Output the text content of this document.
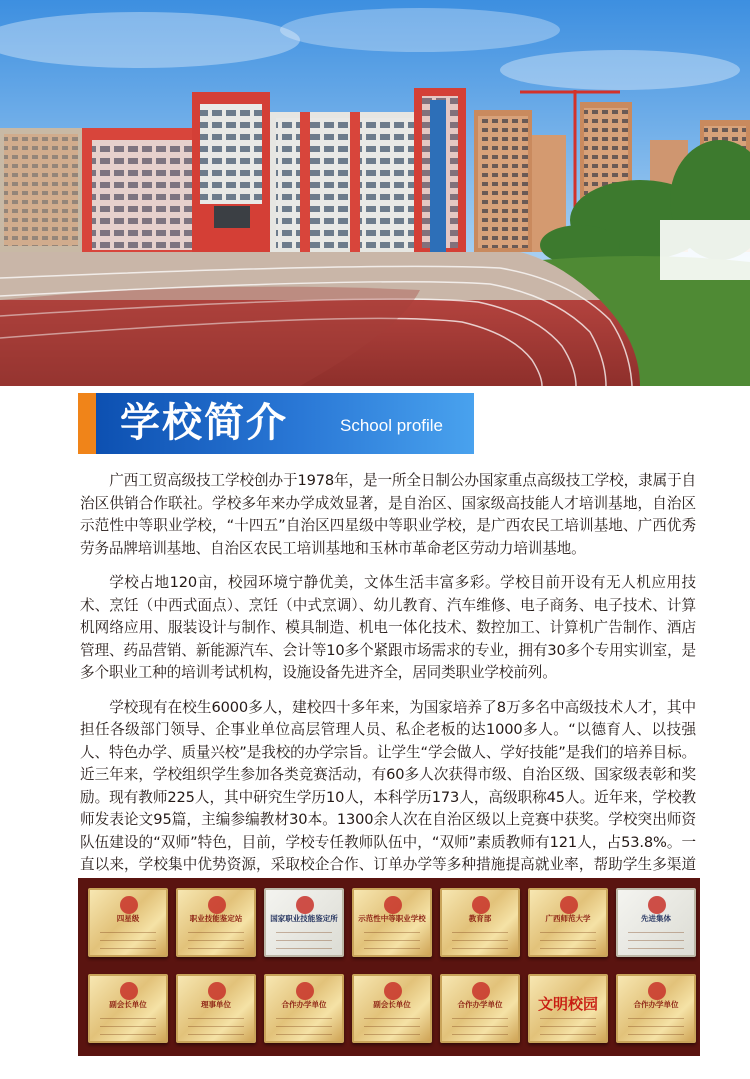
学校简介	School profile

广西工贸高级技工学校创办于1978年，是一所全日制公办国家重点高级技工学校，隶属于自治区供销合作联社。学校多年来办学成效显著，是自治区、国家级高技能人才培训基地，自治区示范性中等职业学校，“十四五”自治区四星级中等职业学校，是广西农民工培训基地、广西优秀劳务品牌培训基地、自治区农民工培训基地和玉林市革命老区劳动力培训基地。

学校占地120亩，校园环境宁静优美，文体生活丰富多彩。学校目前开设有无人机应用技术、烹饪（中西式面点）、烹饪（中式烹调）、幼儿教育、汽车维修、电子商务、电子技术、计算机网络应用、服装设计与制作、模具制造、机电一体化技术、数控加工、计算机广告制作、酒店管理、药品营销、新能源汽车、会计等10多个紧跟市场需求的专业，拥有30多个专用实训室，是多个职业工种的培训考试机构，设施设备先进齐全，居同类职业学校前列。

学校现有在校生6000多人，建校四十多年来，为国家培养了8万多名中高级技术人才，其中担任各级部门领导、企事业单位高层管理人员、私企老板的达1000多人。“以德育人、以技强人、特色办学、质量兴校”是我校的办学宗旨。让学生“学会做人、学好技能”是我们的培养目标。近三年来，学校组织学生参加各类竞赛活动，有60多人次获得市级、自治区级、国家级表彰和奖励。现有教师225人，其中研究生学历10人，本科学历173人，高级职称45人。近年来，学校教师发表论文95篇，主编参编教材30本。1300余人次在自治区级以上竞赛中获奖。学校突出师资队伍建设的“双师”特色，目前，学校专任教师队伍中，“双师”素质教师有121人，占53.8%。一直以来，学校集中优势资源，采取校企合作、订单办学等多种措施提高就业率，帮助学生多渠道

四星级	职业技能鉴定站	国家职业技能鉴定所	示范性中等职业学校	教育部	广西师范大学	先进集体
副会长单位	理事单位	合作办学单位	副会长单位	合作办学单位	文明校园	合作办学单位
